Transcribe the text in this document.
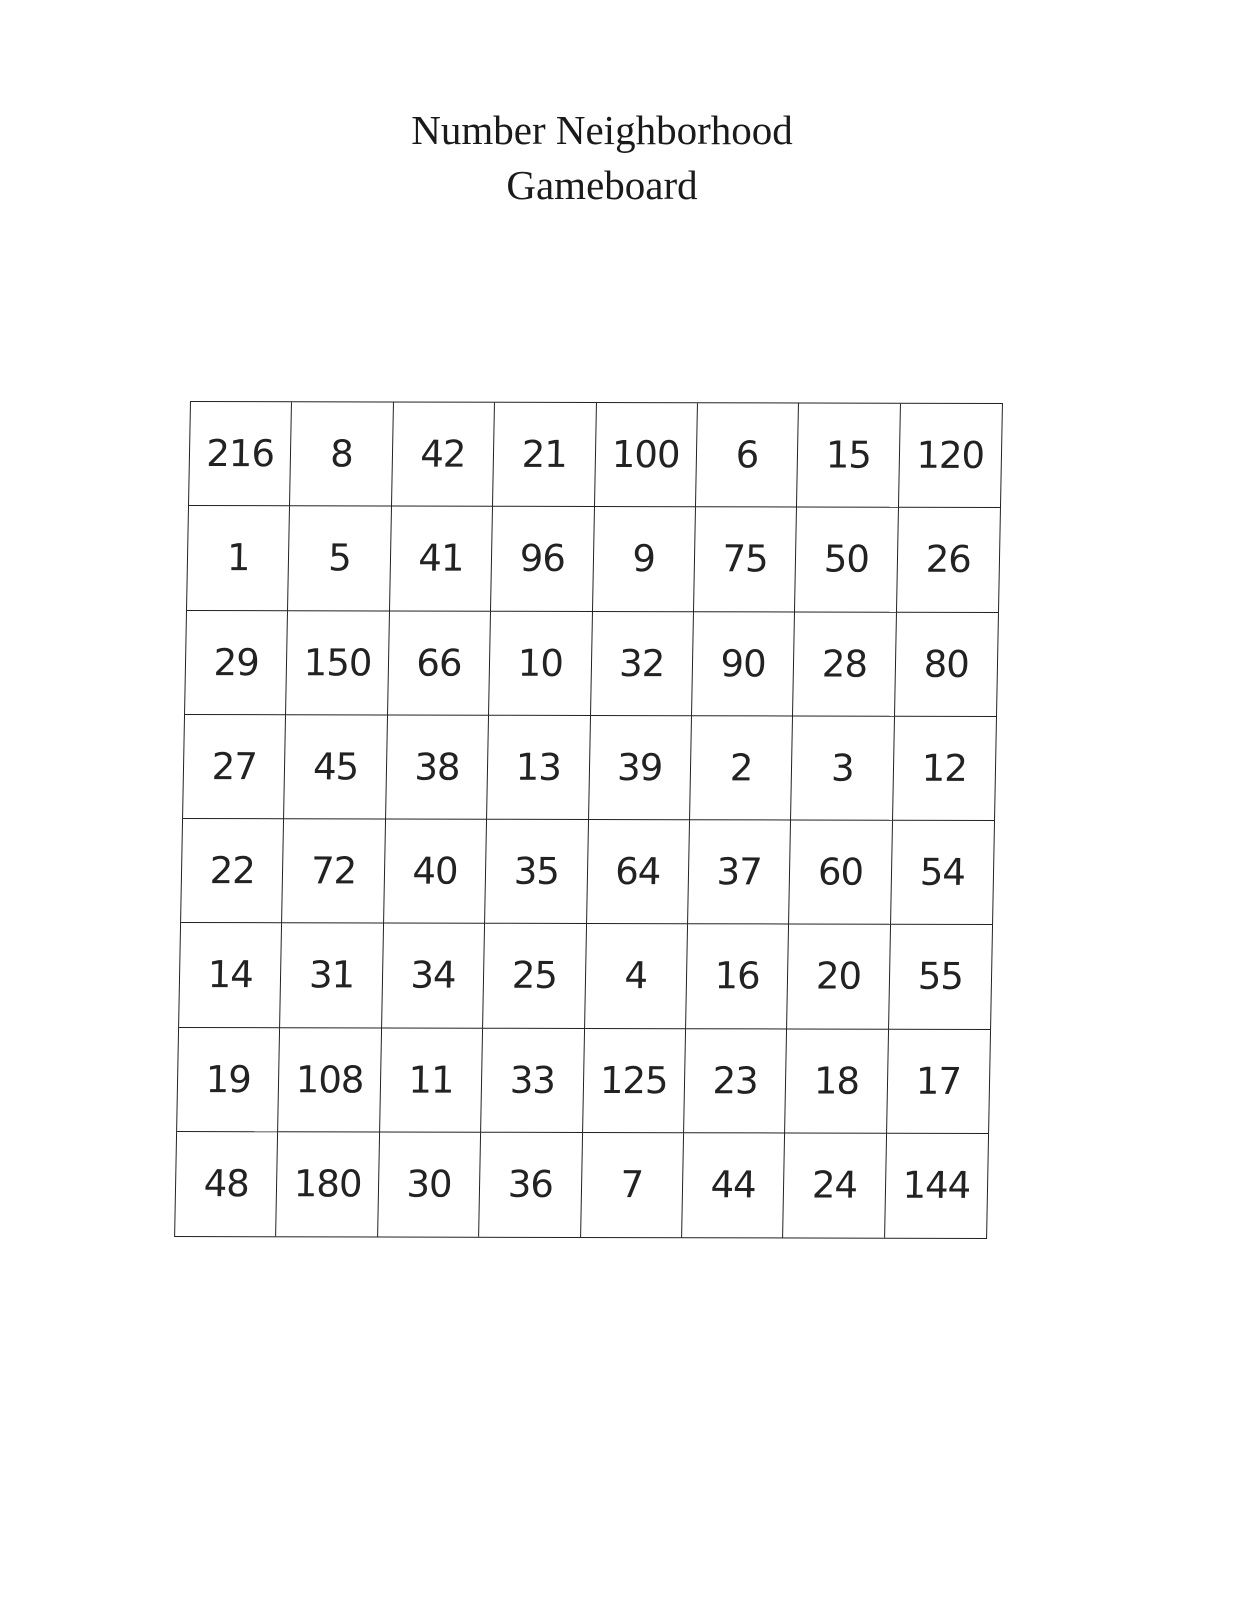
Number Neighborhood
Gameboard
216	8	42	21	100	6	15	120
1	5	41	96	9	75	50	26
29	150	66	10	32	90	28	80
27	45	38	13	39	2	3	12
22	72	40	35	64	37	60	54
14	31	34	25	4	16	20	55
19	108	11	33	125	23	18	17
48	180	30	36	7	44	24	144
